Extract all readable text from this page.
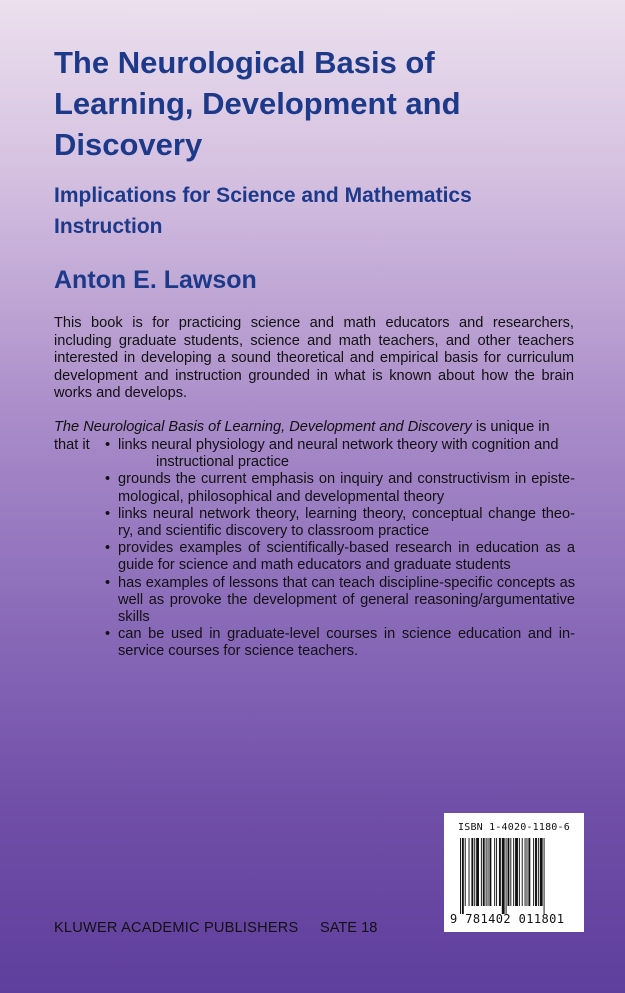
The Neurological Basis of Learning, Development and Discovery
Implications for Science and Mathematics Instruction
Anton E. Lawson

This book is for practicing science and math educators and researchers, including graduate students, science and math teachers, and other teachers interested in developing a sound theoretical and empirical basis for curriculum development and instruction grounded in what is known about how the brain works and develops.

The Neurological Basis of Learning, Development and Discovery is unique in that it

•	links neural physiology and neural network theory with cognition and
instructional practice
• grounds the current emphasis on inquiry and constructivism in episte-mological, philosophical and developmental theory
• links neural network theory, learning theory, conceptual change theo-ry, and scientific discovery to classroom practice
• provides examples of scientifically-based research in education as a guide for science and math educators and graduate students
• has examples of lessons that can teach discipline-specific concepts as well as provoke the development of general reasoning/argumentative skills
• can be used in graduate-level courses in science education and in-service courses for science teachers.
KLUWER ACADEMIC PUBLISHERS SATE 18
ISBN 1-4020-1180-6
9 781402 011801
